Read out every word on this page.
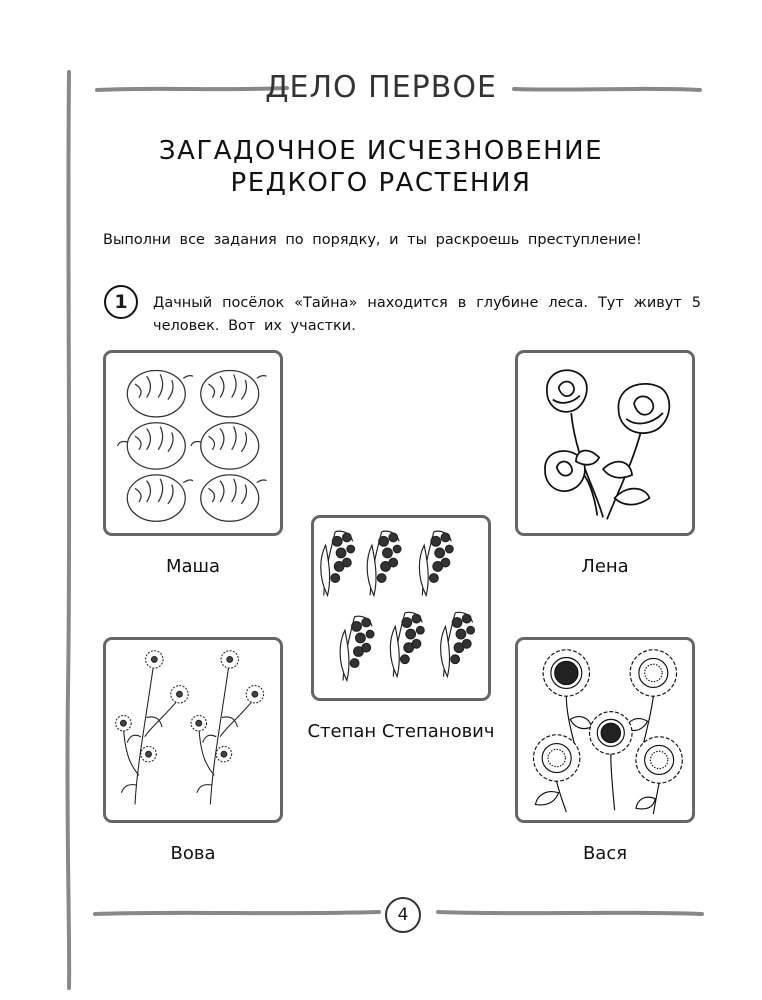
ДЕЛО ПЕРВОЕ
ЗАГАДОЧНОЕ ИСЧЕЗНОВЕНИЕ
РЕДКОГО РАСТЕНИЯ
Выполни все задания по порядку, и ты раскроешь преступление!
1	Дачный посёлок «Тайна» находится в глубине леса. Тут живут 5 человек. Вот их участки.
Маша	Лена
Степан Степанович
Вова	Вася
4
